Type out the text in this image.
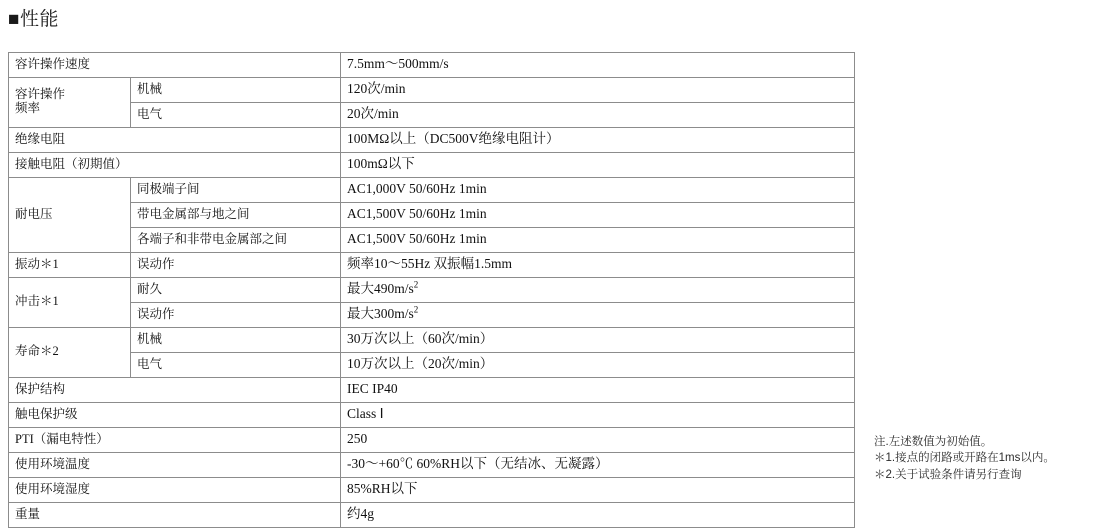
■性能
容许操作速度		7.5mm～500mm/s
容许操作
频率	机械	120次/min
	电气	20次/min
绝缘电阻		100MΩ以上（DC500V绝缘电阻计）
接触电阻（初期值）		100mΩ以下
耐电压	同极端子间	AC1,000V 50/60Hz 1min
	带电金属部与地之间	AC1,500V 50/60Hz 1min
	各端子和非带电金属部之间	AC1,500V 50/60Hz 1min
振动＊1	误动作	频率10～55Hz 双振幅1.5mm
冲击＊1	耐久	最大$490m/s^2$
	误动作	最大$300m/s^2$
寿命＊2	机械	30万次以上（60次/min）
	电气	10万次以上（20次/min）
保护结构		IEC IP40
触电保护级		Class Ⅰ
PTI（漏电特性）		250
使用环境温度		-30～+60℃ 60%RH以下（无结冰、无凝露）
使用环境湿度		85%RH以下
重量		约4g
注.左述数值为初始值。
＊1.接点的闭路或开路在1ms以内。
＊2.关于试验条件请另行查询
